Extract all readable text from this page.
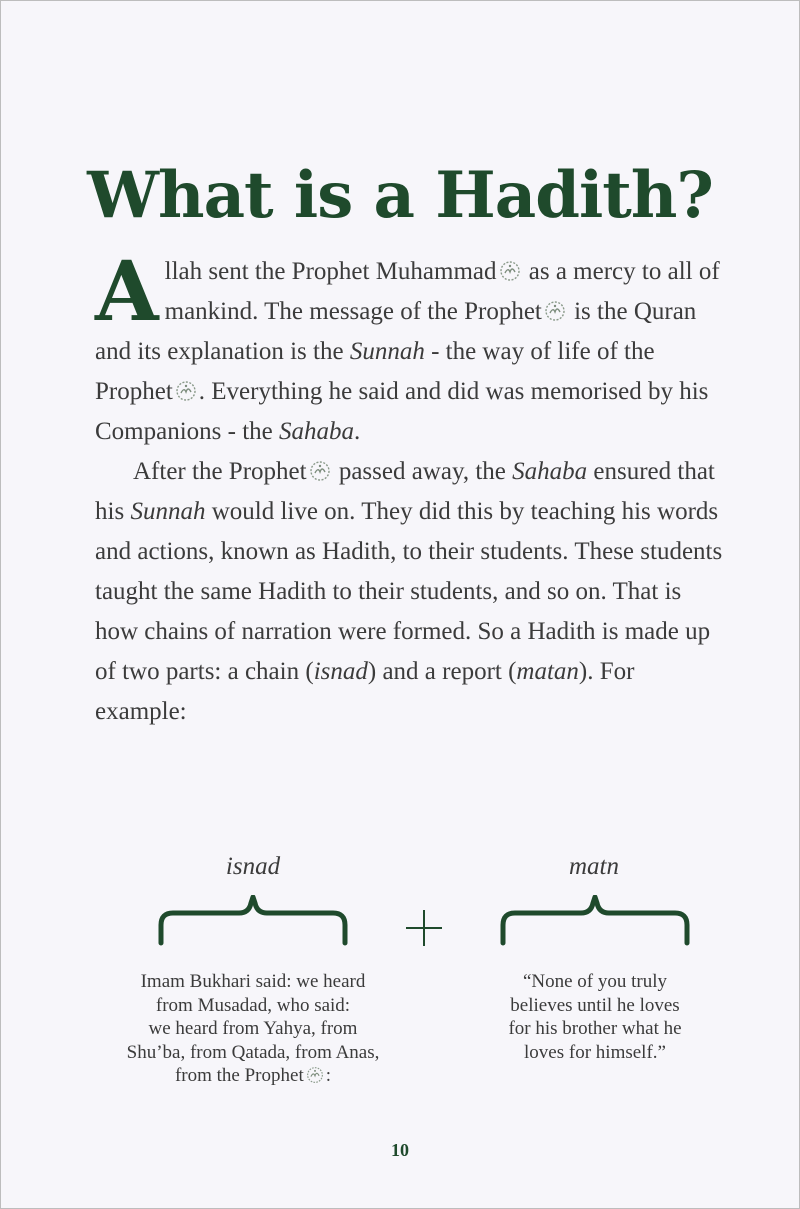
What is a Hadith?

Allah sent the Prophet Muhammad
as a mercy to all of mankind. The message of the Prophet
is the Quran and its explanation is the Sunnah - the way of life of the Prophet . Everything he said and did was memorised by his Companions - the Sahaba.

After the Prophet
passed away, the Sahaba ensured that his Sunnah would live on. They did this by teaching his words and actions, known as Hadith, to their students. These students taught the same Hadith to their students, and so on. That is how chains of narration were formed. So a Hadith is made up of two parts: a chain (isnad) and a report (matan). For example:

isnad	matn
Imam Bukhari said: we heard
from Musadad, who said:
we heard from Yahya, from
Shu’ba, from Qatada, from Anas,
from the Prophet :
“None of you truly
believes until he loves
for his brother what he
loves for himself.”
10
